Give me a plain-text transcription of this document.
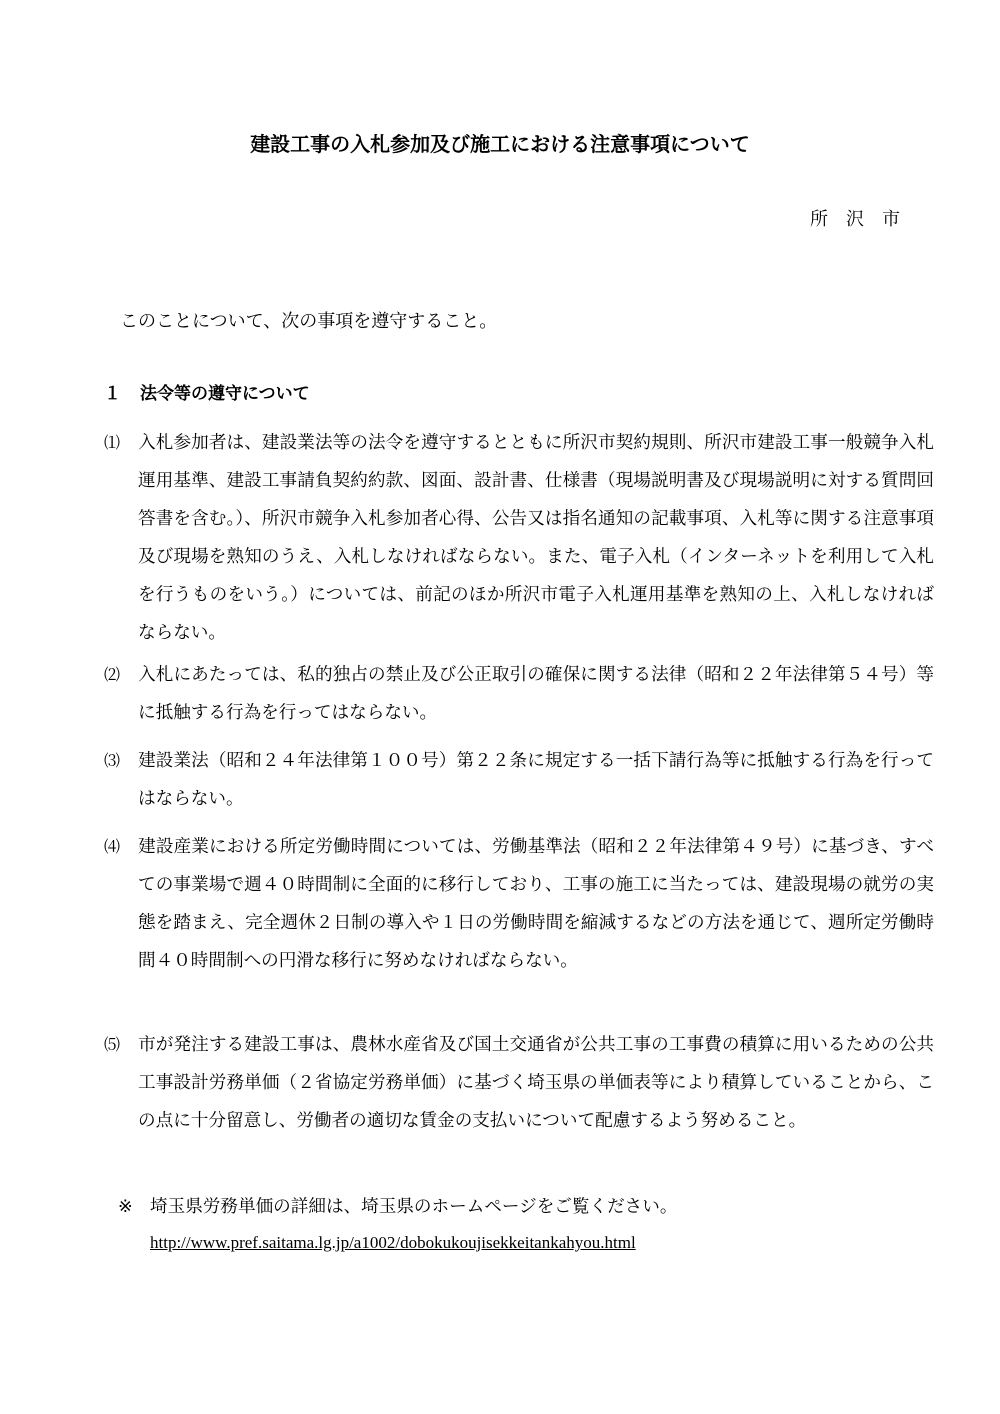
建設工事の入札参加及び施工における注意事項について
所沢市

このことについて、次の事項を遵守すること。

１ 法令等の遵守について

⑴ 入札参加者は、建設業法等の法令を遵守するとともに所沢市契約規則、所沢市建設工事一般競争入札運用基準、建設工事請負契約約款、図面、設計書、仕様書（現場説明書及び現場説明に対する質問回答書を含む。）、所沢市競争入札参加者心得、公告又は指名通知の記載事項、入札等に関する注意事項及び現場を熟知のうえ、入札しなければならない。また、電子入札（インターネットを利用して入札を行うものをいう。）については、前記のほか所沢市電子入札運用基準を熟知の上、入札しなければならない。

⑵ 入札にあたっては、私的独占の禁止及び公正取引の確保に関する法律（昭和２２年法律第５４号）等に抵触する行為を行ってはならない。

⑶ 建設業法（昭和２４年法律第１００号）第２２条に規定する一括下請行為等に抵触する行為を行ってはならない。

⑷ 建設産業における所定労働時間については、労働基準法（昭和２２年法律第４９号）に基づき、すべての事業場で週４０時間制に全面的に移行しており、工事の施工に当たっては、建設現場の就労の実態を踏まえ、完全週休２日制の導入や１日の労働時間を縮減するなどの方法を通じて、週所定労働時間４０時間制への円滑な移行に努めなければならない。

⑸ 市が発注する建設工事は、農林水産省及び国土交通省が公共工事の工事費の積算に用いるための公共工事設計労務単価（２省協定労務単価）に基づく埼玉県の単価表等により積算していることから、この点に十分留意し、労働者の適切な賃金の支払いについて配慮するよう努めること。

※ 埼玉県労務単価の詳細は、埼玉県のホームページをご覧ください。

http://www.pref.saitama.lg.jp/a1002/dobokukoujisekkeitankahyou.html
